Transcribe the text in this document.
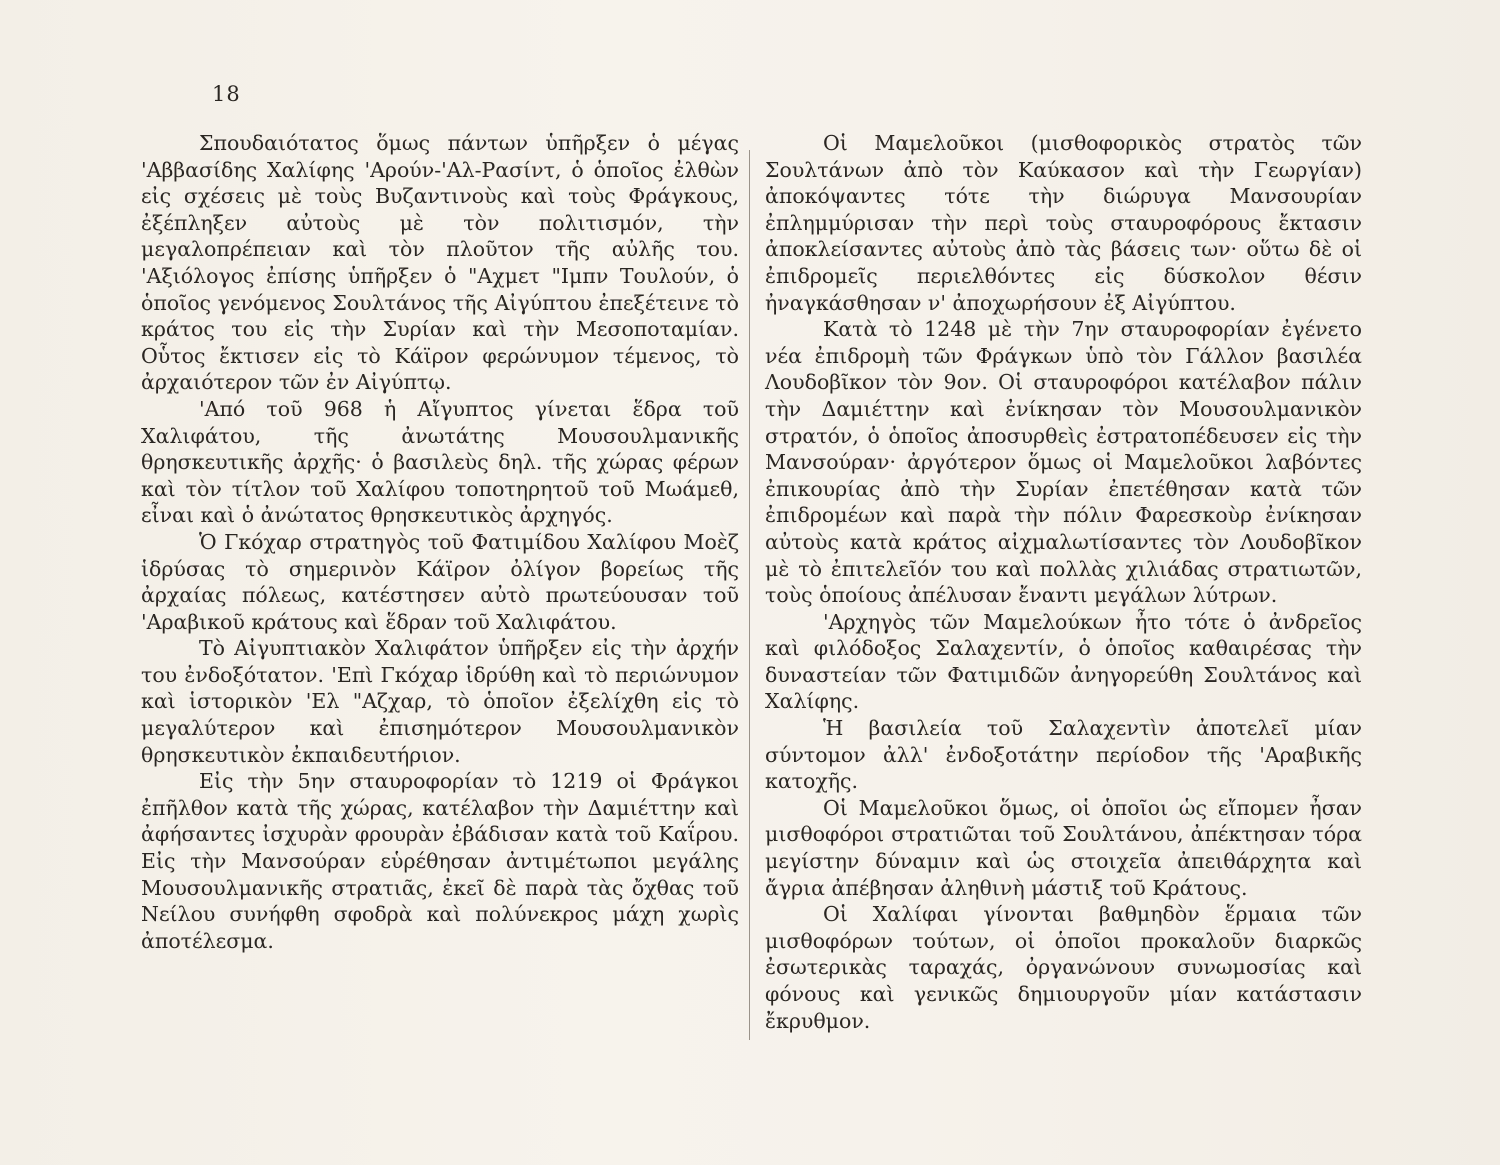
18

Σπουδαιότατος ὅμως πάντων ὑπῆρξεν ὁ μέγας 'Αββασίδης Χαλίφης 'Αρούν-'Αλ-Ρασίντ, ὁ ὁποῖος ἐλθὼν εἰς σχέσεις μὲ τοὺς Βυζαντινοὺς καὶ τοὺς Φράγκους, ἐξέπληξεν αὐτοὺς μὲ τὸν πολιτισμόν, τὴν μεγαλοπρέπειαν καὶ τὸν πλοῦτον τῆς αὐλῆς του. 'Αξιόλογος ἐπίσης ὑπῆρξεν ὁ "Αχμετ "Ιμπν Τουλούν, ὁ ὁποῖος γενόμενος Σουλτάνος τῆς Αἰγύπτου ἐπεξέτεινε τὸ κράτος του εἰς τὴν Συρίαν καὶ τὴν Μεσοποταμίαν. Οὗτος ἔκτισεν εἰς τὸ Κάϊρον φερώνυμον τέμενος, τὸ ἀρχαιότερον τῶν ἐν Αἰγύπτῳ.

'Από τοῦ 968 ἡ Αἴγυπτος γίνεται ἕδρα τοῦ Χαλιφάτου, τῆς ἀνωτάτης Μουσουλμανικῆς θρησκευτικῆς ἀρχῆς· ὁ βασιλεὺς δηλ. τῆς χώρας φέρων καὶ τὸν τίτλον τοῦ Χαλίφου τοποτηρητοῦ τοῦ Μωάμεθ, εἶναι καὶ ὁ ἀνώτατος θρησκευτικὸς ἀρχηγός.

Ὁ Γκόχαρ στρατηγὸς τοῦ Φατιμίδου Χαλίφου Μοὲζ ἱδρύσας τὸ σημερινὸν Κάϊρον ὀλίγον βορείως τῆς ἀρχαίας πόλεως, κατέστησεν αὐτὸ πρωτεύουσαν τοῦ 'Αραβικοῦ κράτους καὶ ἕδραν τοῦ Χαλιφάτου.

Τὸ Αἰγυπτιακὸν Χαλιφάτον ὑπῆρξεν εἰς τὴν ἀρχήν του ἐνδοξότατον. 'Επὶ Γκόχαρ ἱδρύθη καὶ τὸ περιώνυμον καὶ ἱστορικὸν 'Ελ "Αζχαρ, τὸ ὁποῖον ἐξελίχθη εἰς τὸ μεγαλύτερον καὶ ἐπισημότερον Μουσουλμανικὸν θρησκευτικὸν ἐκπαιδευτήριον.

Εἰς τὴν 5ην σταυροφορίαν τὸ 1219 οἱ Φράγκοι ἐπῆλθον κατὰ τῆς χώρας, κατέλαβον τὴν Δαμιέττην καὶ ἀφήσαντες ἰσχυρὰν φρουρὰν ἐβάδισαν κατὰ τοῦ Καΐρου. Εἰς τὴν Μανσούραν εὑρέθησαν ἀντιμέτωποι μεγάλης Μουσουλμανικῆς στρατιᾶς, ἐκεῖ δὲ παρὰ τὰς ὄχθας τοῦ Νείλου συνήφθη σφοδρὰ καὶ πολύνεκρος μάχη χωρὶς ἀποτέλεσμα.

Οἱ Μαμελοῦκοι (μισθοφορικὸς στρατὸς τῶν Σουλτάνων ἀπὸ τὸν Καύκασον καὶ τὴν Γεωργίαν) ἀποκόψαντες τότε τὴν διώρυγα Μανσουρίαν ἐπλημμύρισαν τὴν περὶ τοὺς σταυροφόρους ἔκτασιν ἀποκλείσαντες αὐτοὺς ἀπὸ τὰς βάσεις των· οὕτω δὲ οἱ ἐπιδρομεῖς περιελθόντες εἰς δύσκολον θέσιν ἠναγκάσθησαν ν' ἀποχωρήσουν ἐξ Αἰγύπτου.

Κατὰ τὸ 1248 μὲ τὴν 7ην σταυροφορίαν ἐγένετο νέα ἐπιδρομὴ τῶν Φράγκων ὑπὸ τὸν Γάλλον βασιλέα Λουδοβῖκον τὸν 9ον. Οἱ σταυροφόροι κατέλαβον πάλιν τὴν Δαμιέττην καὶ ἐνίκησαν τὸν Μουσουλμανικὸν στρατόν, ὁ ὁποῖος ἀποσυρθεὶς ἐστρατοπέδευσεν εἰς τὴν Μανσούραν· ἀργότερον ὅμως οἱ Μαμελοῦκοι λαβόντες ἐπικουρίας ἀπὸ τὴν Συρίαν ἐπετέθησαν κατὰ τῶν ἐπιδρομέων καὶ παρὰ τὴν πόλιν Φαρεσκοὺρ ἐνίκησαν αὐτοὺς κατὰ κράτος αἰχμαλωτίσαντες τὸν Λουδοβῖκον μὲ τὸ ἐπιτελεῖόν του καὶ πολλὰς χιλιάδας στρατιωτῶν, τοὺς ὁποίους ἀπέλυσαν ἔναντι μεγάλων λύτρων.

'Αρχηγὸς τῶν Μαμελούκων ἦτο τότε ὁ ἀνδρεῖος καὶ φιλόδοξος Σαλαχεντίν, ὁ ὁποῖος καθαιρέσας τὴν δυναστείαν τῶν Φατιμιδῶν ἀνηγορεύθη Σουλτάνος καὶ Χαλίφης.

Ἡ βασιλεία τοῦ Σαλαχεντὶν ἀποτελεῖ μίαν σύντομον ἀλλ' ἐνδοξοτάτην περίοδον τῆς 'Αραβικῆς κατοχῆς.

Οἱ Μαμελοῦκοι ὅμως, οἱ ὁποῖοι ὡς εἴπομεν ἦσαν μισθοφόροι στρατιῶται τοῦ Σουλτάνου, ἀπέκτησαν τόρα μεγίστην δύναμιν καὶ ὡς στοιχεῖα ἀπειθάρχητα καὶ ἄγρια ἀπέβησαν ἀληθινὴ μάστιξ τοῦ Κράτους.

Οἱ Χαλίφαι γίνονται βαθμηδὸν ἕρμαια τῶν μισθοφόρων τούτων, οἱ ὁποῖοι προκαλοῦν διαρκῶς ἐσωτερικὰς ταραχάς, ὀργανώνουν συνωμοσίας καὶ φόνους καὶ γενικῶς δημιουργοῦν μίαν κατάστασιν ἔκρυθμον.
